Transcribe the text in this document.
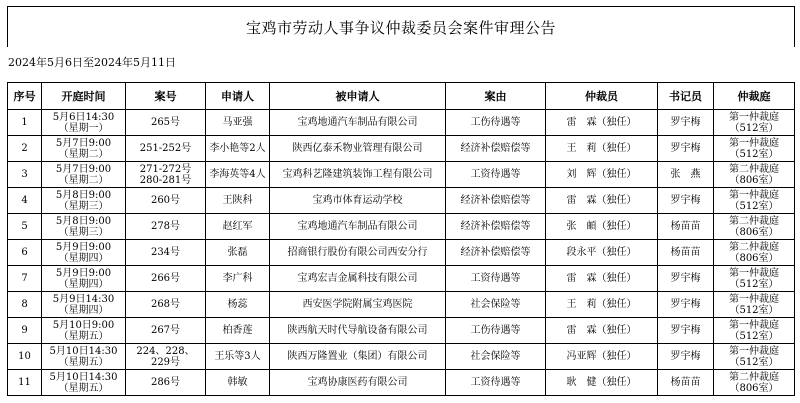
宝鸡市劳动人事争议仲裁委员会案件审理公告
2024年5月6日至2024年5月11日
序号	开庭时间	案号	申请人	被申请人	案由	仲裁员	书记员	仲裁庭

1	5月6日14:30
（星期一）	265号	马亚强	宝鸡地通汽车制品有限公司	工伤待遇等	雷　霖（独任）	罗宇梅	第一仲裁庭
（512室）

2	5月7日9:00
（星期二）	251-252号	李小艳等2人	陕西亿泰禾物业管理有限公司	经济补偿赔偿等	王　莉（独任）	罗宇梅	第一仲裁庭
（512室）

3	5月7日9:00
（星期二）	271-272号
280-281号	李海英等4人	宝鸡科艺隆建筑装饰工程有限公司	工资待遇等	刘　辉（独任）	张　燕	第二仲裁庭
（806室）

4	5月8日9:00
（星期三）	260号	王陕科	宝鸡市体育运动学校	经济补偿赔偿等	雷　霖（独任）	罗宇梅	第一仲裁庭
（512室）

5	5月8日9:00
（星期三）	278号	赵红军	宝鸡地通汽车制品有限公司	经济补偿赔偿等	张　頔（独任）	杨苗苗	第二仲裁庭
（806室）

6	5月9日9:00
（星期四）	234号	张磊	招商银行股份有限公司西安分行	经济补偿赔偿等	段永平（独任）	杨苗苗	第二仲裁庭
（806室）

7	5月9日9:00
（星期四）	266号	李广科	宝鸡宏吉金属科技有限公司	工资待遇等	雷　霖（独任）	罗宇梅	第一仲裁庭
（512室）

8	5月9日14:30
（星期四）	268号	杨蕊	西安医学院附属宝鸡医院	社会保险等	王　莉（独任）	罗宇梅	第一仲裁庭
（512室）

9	5月10日9:00
（星期五）	267号	柏香莲	陕西航天时代导航设备有限公司	工伤待遇等	雷　霖（独任）	罗宇梅	第一仲裁庭
（512室）

10	5月10日14:30
（星期五）	224、228、
229号	王乐等3人	陕西万隆置业（集团）有限公司	社会保险等	冯亚辉（独任）	罗宇梅	第一仲裁庭
（512室）

11	5月10日14:30
（星期五）	286号	韩敏	宝鸡协康医药有限公司	工资待遇等	耿　健（独任）	杨苗苗	第二仲裁庭
（806室）
